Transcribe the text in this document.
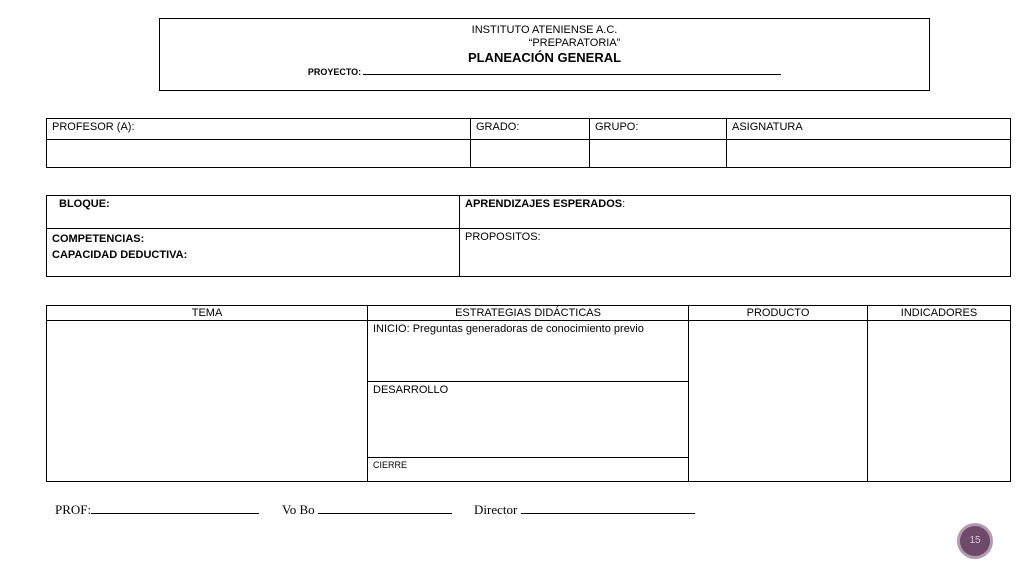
INSTITUTO ATENIENSE A.C.
“PREPARATORIA”
PLANEACIÓN GENERAL
PROYECTO:
PROFESOR (A):	GRADO:	GRUPO:	ASIGNATURA

BLOQUE:	APRENDIZAJES ESPERADOS:

COMPETENCIAS:
CAPACIDAD DEDUCTIVA:	PROPOSITOS:
TEMA	ESTRATEGIAS DIDÁCTICAS	PRODUCTO	INDICADORES
	INICIO: Preguntas generadoras de conocimiento previo		
	DESARROLLO		
	CIERRE		
PROF:	Vo Bo	Director
15
